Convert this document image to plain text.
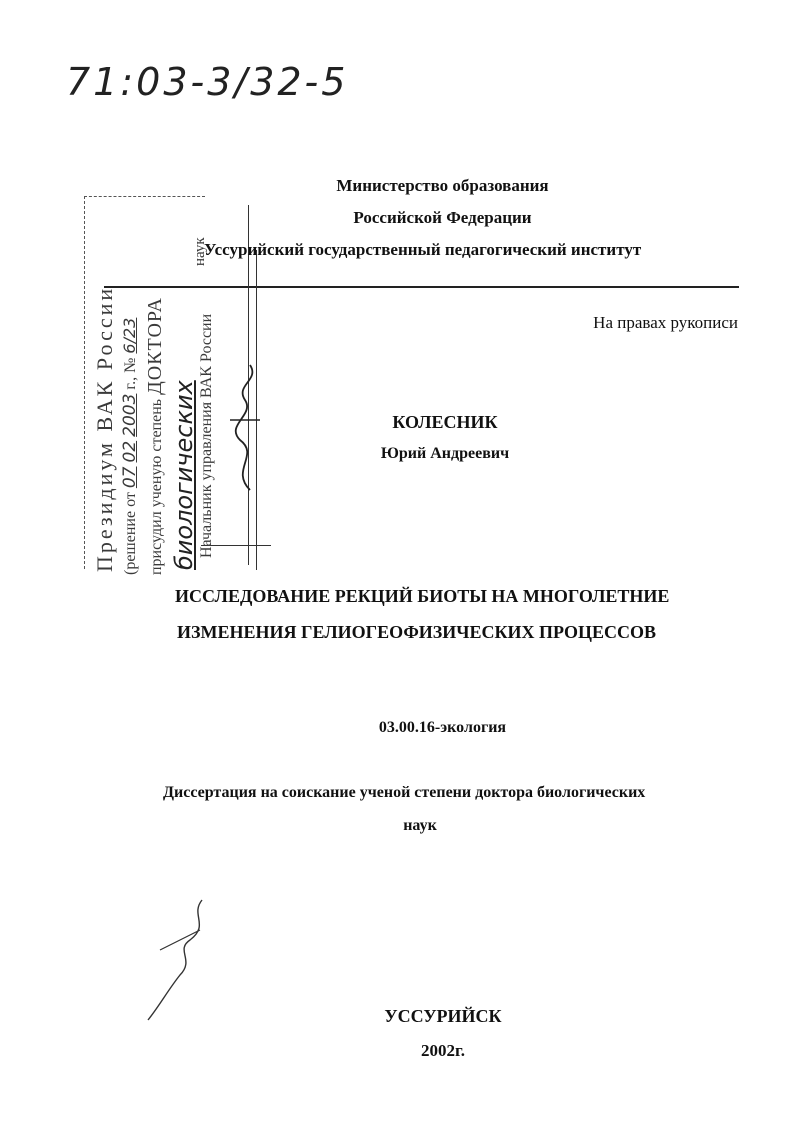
71:03-3/32-5
Президиум ВАК России (решение от 07 02 2003 г., № 6/23
присудил ученую степень ДОКТОРА
биологических
наук
Начальник управления ВАК России
Министерство образования
Российской Федерации
Уссурийский государственный педагогический институт
На правах рукописи
КОЛЕСНИК
Юрий Андреевич
ИССЛЕДОВАНИЕ РЕКЦИЙ БИОТЫ НА МНОГОЛЕТНИЕ
ИЗМЕНЕНИЯ ГЕЛИОГЕОФИЗИЧЕСКИХ ПРОЦЕССОВ
03.00.16-экология
Диссертация на соискание ученой степени доктора биологических
наук
УССУРИЙСК
2002г.
